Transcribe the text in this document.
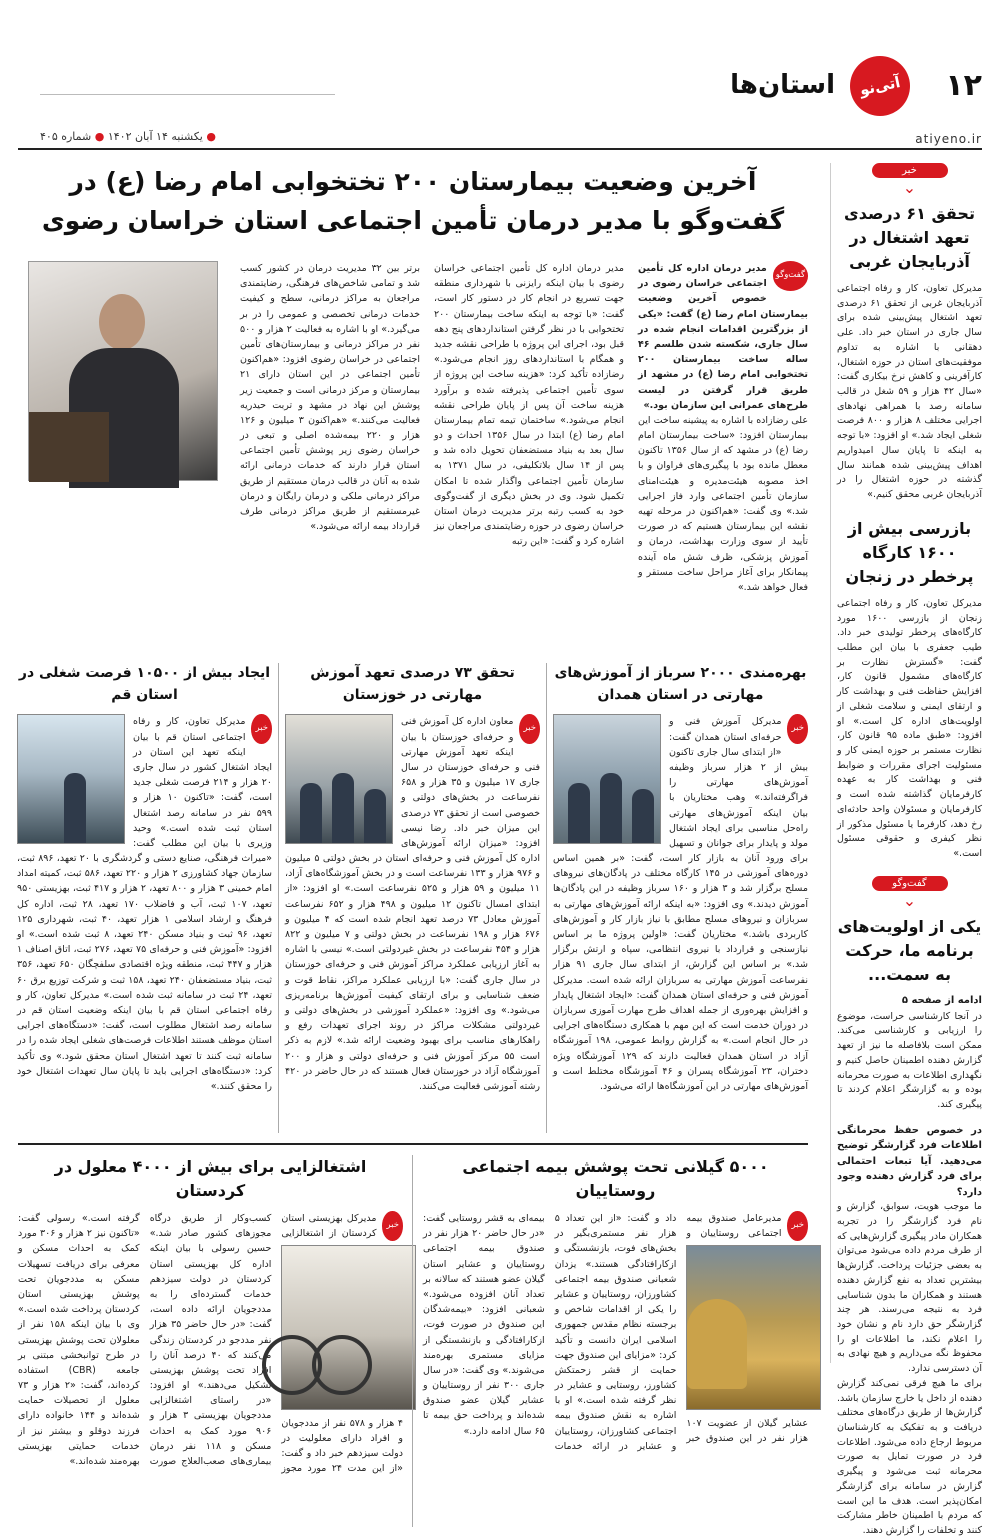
۱۲
آتی‌نو
استان‌ها
atiyeno.ir
● یکشنبه ۱۴ آبان ۱۴۰۲ ● شماره ۴۰۵
خبر
⌄
تحقق ۶۱ درصدی تعهد اشتغال در آذربایجان غربی

مدیرکل تعاون، کار و رفاه اجتماعی آذربایجان غربی از تحقق ۶۱ درصدی تعهد اشتغال پیش‌بینی شده برای سال جاری در استان خبر داد. علی دهقانی با اشاره به تداوم موفقیت‌های استان در حوزه اشتغال، کارآفرینی و کاهش نرخ بیکاری گفت: «سال ۴۲ هزار و ۵۹ شغل در قالب سامانه رصد با همراهی نهادهای اجرایی مختلف ۸ هزار و ۸۰۰ فرصت شغلی ایجاد شد.» او افزود: «با توجه به اینکه تا پایان سال امیدواریم اهداف پیش‌بینی شده همانند سال گذشته در حوزه اشتغال را در آذربایجان غربی محقق کنیم.»

بازرسی بیش از ۱۶۰۰ کارگاه پرخطر در زنجان

مدیرکل تعاون، کار و رفاه اجتماعی زنجان از بازرسی ۱۶۰۰ مورد کارگاه‌های پرخطر تولیدی خبر داد. طیب جعفری با بیان این مطلب گفت: «گسترش نظارت بر کارگاه‌های مشمول قانون کار، افزایش حفاظت فنی و بهداشت کار و ارتقای ایمنی و سلامت شغلی از اولویت‌های اداره کل است.» او افزود: «طبق ماده ۹۵ قانون کار، نظارت مستمر بر حوزه ایمنی کار و مسئولیت اجرای مقررات و ضوابط فنی و بهداشت کار به عهده کارفرمایان گذاشته شده است و کارفرمایان و مسئولان واحد حادثه‌ای رخ دهد، کارفرما یا مسئول مذکور از نظر کیفری و حقوقی مسئول است.»

گفت‌وگو
⌄
یکی از اولویت‌های برنامه ما، حرکت به سمت...
ادامه از صفحه ۵

در آنجا کارشناسی حراست، موضوع را ارزیابی و کارشناسی می‌کند. ممکن است بلافاصله ما نیز از تعهد گزارش دهنده اطمینان حاصل کنیم و نگهداری اطلاعات به صورت محرمانه بوده و به گزارشگر اعلام کردند تا پیگیری کند.

در خصوص حفظ محرمانگی اطلاعات فرد گزارشگر توضیح می‌دهید. آیا تبعات احتمالی برای فرد گزارش دهنده وجود دارد؟

ما موجب هویت، سوابق، گزارش و نام فرد گزارشگر را در تجربه همکاران مادر پیگیری گزارش‌هایی که از طرف مردم داده می‌شود می‌توان به بعضی جزئیات پرداخت. گزارش‌ها بیشترین تعداد به نفع گزارش دهنده هستند و همکاران ما بدون شناسایی فرد به نتیجه می‌رسند. هر چند گزارشگر حق دارد نام و نشان خود را اعلام نکند، ما اطلاعات او را محفوظ نگه می‌داریم و هیچ نهادی به آن دسترسی ندارد.

برای ما هیچ فرقی نمی‌کند گزارش دهنده از داخل یا خارج سازمان باشد. گزارش‌ها از طریق درگاه‌های مختلف دریافت و به تفکیک به کارشناسان مربوط ارجاع داده می‌شود. اطلاعات فرد در صورت تمایل به صورت محرمانه ثبت می‌شود و پیگیری گزارش در سامانه برای گزارشگر امکان‌پذیر است. هدف ما این است که مردم با اطمینان خاطر مشارکت کنند و تخلفات را گزارش دهند.

آخرین وضعیت بیمارستان ۲۰۰ تختخوابی امام رضا (ع) در گفت‌وگو با مدیر درمان تأمین اجتماعی استان خراسان رضوی
گفت‌وگو

مدیر درمان اداره کل تأمین اجتماعی خراسان رضوی در خصوص آخرین وضعیت بیمارستان امام رضا (ع) گفت: «یکی از بزرگترین اقدامات انجام شده در سال جاری، شکسته شدن طلسم ۴۶ ساله ساخت بیمارستان ۲۰۰ تختخوابی امام رضا (ع) در مشهد از طریق قرار گرفتن در لیست طرح‌های عمرانی این سازمان بود.»

علی رضازاده با اشاره به پیشینه ساخت این بیمارستان افزود: «ساخت بیمارستان امام رضا (ع) در مشهد که از سال ۱۳۵۶ تاکنون معطل مانده بود با پیگیری‌های فراوان و با اخذ مصوبه هیئت‌مدیره و هیئت‌امنای سازمان تأمین اجتماعی وارد فاز اجرایی شد.» وی گفت: «هم‌اکنون در مرحله تهیه نقشه این بیمارستان هستیم که در صورت تأیید از سوی وزارت بهداشت، درمان و آموزش پزشکی، ظرف شش ماه آینده پیمانکار برای آغاز مراحل ساخت مستقر و فعال خواهد شد.»

مدیر درمان اداره کل تأمین اجتماعی خراسان رضوی با بیان اینکه رایزنی با شهرداری منطقه جهت تسریع در انجام کار در دستور کار است، گفت: «با توجه به اینکه ساخت بیمارستان ۲۰۰ تختخوابی با در نظر گرفتن استانداردهای پنج دهه قبل بود، اجرای این پروژه با طراحی نقشه جدید و همگام با استانداردهای روز انجام می‌شود.» رضازاده تأکید کرد: «هزینه ساخت این پروژه از سوی تأمین اجتماعی پذیرفته شده و برآورد هزینه ساخت آن پس از پایان طراحی نقشه انجام می‌شود.» ساختمان تیمه تمام بیمارستان امام رضا (ع) ابتدا در سال ۱۳۵۶ احداث و دو سال بعد به بنیاد مستضعفان تحویل داده شد و پس از ۱۴ سال بلاتکلیفی، در سال ۱۳۷۱ به سازمان تأمین اجتماعی واگذار شده تا امکان تکمیل شود. وی در بخش دیگری از گفت‌وگوی خود به کسب رتبه برتر مدیریت درمان استان خراسان رضوی در حوزه رضایتمندی مراجعان نیز اشاره کرد و گفت: «این رتبه

برتر بین ۳۲ مدیریت درمان در کشور کسب شد و تمامی شاخص‌های فرهنگی، رضایتمندی مراجعان به مراکز درمانی، سطح و کیفیت خدمات درمانی تخصصی و عمومی را در بر می‌گیرد.» او با اشاره به فعالیت ۲ هزار و ۵۰۰ نفر در مراکز درمانی و بیمارستان‌های تأمین اجتماعی در خراسان رضوی افزود: «هم‌اکنون تأمین اجتماعی در این استان دارای ۲۱ بیمارستان و مرکز درمانی است و جمعیت زیر پوشش این نهاد در مشهد و تربت حیدریه فعالیت می‌کنند.» «هم‌اکنون ۳ میلیون و ۱۲۶ هزار و ۲۲۰ بیمه‌شده اصلی و تبعی در خراسان رضوی زیر پوشش تأمین اجتماعی استان قرار دارند که خدمات درمانی ارائه شده به آنان در قالب درمان مستقیم از طریق مراکز درمانی ملکی و درمان رایگان و درمان غیرمستقیم از طریق مراکز درمانی طرف قرارداد بیمه ارائه می‌شود.»

بهره‌مندی ۲۰۰۰ سرباز از آموزش‌های مهارتی در استان همدان
خبر
مدیرکل آموزش فنی و حرفه‌ای استان همدان گفت: «از ابتدای سال جاری تاکنون بیش از ۲ هزار سرباز وظیفه آموزش‌های مهارتی را فراگرفته‌اند.» وهب مختاریان با بیان اینکه آموزش‌های مهارتی راه‌حل مناسبی برای ایجاد اشتغال مولد و پایدار برای جوانان و تسهیل برای ورود آنان به بازار کار است، گفت: «بر همین اساس دوره‌های آموزشی در ۱۴۵ کارگاه مختلف در پادگان‌های نیروهای مسلح برگزار شد و ۳ هزار و ۱۶۰ سرباز وظیفه در این پادگان‌ها آموزش دیدند.» وی افزود: «به اینکه ارائه آموزش‌های مهارتی به سربازان و نیروهای مسلح مطابق با نیاز بازار کار و آموزش‌های کاربردی باشد.» مختاریان گفت: «اولین پروژه ما بر اساس نیازسنجی و قرارداد با نیروی انتظامی، سپاه و ارتش برگزار شد.» بر اساس این گزارش، از ابتدای سال جاری ۹۱ هزار نفرساعت آموزش مهارتی به سربازان ارائه شده است. مدیرکل آموزش فنی و حرفه‌ای استان همدان گفت: «ایجاد اشتغال پایدار و افزایش بهره‌وری از جمله اهداف طرح مهارت آموزی سربازان در دوران خدمت است که این مهم با همکاری دستگاه‌های اجرایی در حال انجام است.» به گزارش روابط عمومی، ۱۹۸ آموزشگاه آزاد در استان همدان فعالیت دارند که ۱۲۹ آموزشگاه ویژه دختران، ۲۳ آموزشگاه پسران و ۴۶ آموزشگاه مختلط است و آموزش‌های مهارتی در این آموزشگاه‌ها ارائه می‌شود.
تحقق ۷۳ درصدی تعهد آموزش مهارتی در خوزستان
خبر
معاون اداره کل آموزش فنی و حرفه‌ای خوزستان با بیان اینکه تعهد آموزش مهارتی فنی و حرفه‌ای خوزستان در سال جاری ۱۷ میلیون و ۳۵ هزار و ۶۵۸ نفرساعت در بخش‌های دولتی و خصوصی است از تحقق ۷۳ درصدی این میزان خبر داد. رضا نیسی افزود: «میزان ارائه آموزش‌های اداره کل آموزش فنی و حرفه‌ای استان در بخش دولتی ۵ میلیون و ۹۷۶ هزار و ۱۳۳ نفرساعت است و در بخش آموزشگاه‌های آزاد، ۱۱ میلیون و ۵۹ هزار و ۵۲۵ نفرساعت است.» او افزود: «از ابتدای امسال تاکنون ۱۲ میلیون و ۴۹۸ هزار و ۶۵۲ نفرساعت آموزش معادل ۷۳ درصد تعهد انجام شده است که ۴ میلیون و ۶۷۶ هزار و ۱۹۸ نفرساعت در بخش دولتی و ۷ میلیون و ۸۲۲ هزار و ۴۵۴ نفرساعت در بخش غیردولتی است.» نیسی با اشاره به آغاز ارزیابی عملکرد مراکز آموزش فنی و حرفه‌ای خوزستان در سال جاری گفت: «با ارزیابی عملکرد مراکز، نقاط قوت و ضعف شناسایی و برای ارتقای کیفیت آموزش‌ها برنامه‌ریزی می‌شود.» وی افزود: «عملکرد آموزشی در بخش‌های دولتی و غیردولتی مشکلات مراکز در روند اجرای تعهدات رفع و راهکارهای مناسب برای بهبود وضعیت ارائه شد.» لازم به ذکر است ۵۵ مرکز آموزش فنی و حرفه‌ای دولتی و هزار و ۲۰۰ آموزشگاه آزاد در خوزستان فعال هستند که در حال حاضر در ۴۲۰ رشته آموزشی فعالیت می‌کنند.
ایجاد بیش از ۱۰۵۰۰ فرصت شغلی در استان قم
خبر
مدیرکل تعاون، کار و رفاه اجتماعی استان قم با بیان اینکه تعهد این استان در ایجاد اشتغال کشور در سال جاری ۲۰ هزار و ۲۱۴ فرصت شغلی جدید است، گفت: «تاکنون ۱۰ هزار و ۵۹۹ نفر در سامانه رصد اشتغال استان ثبت شده است.» وحید وزیری با بیان این مطلب گفت: «میراث فرهنگی، صنایع دستی و گردشگری با ۲۰ تعهد، ۸۹۶ ثبت، سازمان جهاد کشاورزی ۲ هزار و ۲۲۰ تعهد، ۵۸۶ ثبت، کمیته امداد امام خمینی ۳ هزار و ۸۰۰ تعهد، ۲ هزار و ۴۱۷ ثبت، بهزیستی ۹۵۰ تعهد، ۱۰۷ ثبت، آب و فاضلاب ۱۷۰ تعهد، ۲۸ ثبت، اداره کل فرهنگ و ارشاد اسلامی ۱ هزار تعهد، ۴۰ ثبت، شهرداری ۱۲۵ تعهد، ۹۶ ثبت و بنیاد مسکن ۲۴۰ تعهد، ۸ ثبت شده است.» او افزود: «آموزش فنی و حرفه‌ای ۷۵ تعهد، ۲۷۶ ثبت، اتاق اصناف ۱ هزار و ۴۴۷ ثبت، منطقه ویژه اقتصادی سلفچگان ۶۵۰ تعهد، ۳۵۶ ثبت، بنیاد مستضعفان ۲۴۰ تعهد، ۱۵۸ ثبت و شرکت توزیع برق ۶۰ تعهد، ۲۴ ثبت در سامانه ثبت شده است.» مدیرکل تعاون، کار و رفاه اجتماعی استان قم با بیان اینکه وضعیت استان قم در سامانه رصد اشتغال مطلوب است، گفت: «دستگاه‌های اجرایی استان موظف هستند اطلاعات فرصت‌های شغلی ایجاد شده را در سامانه ثبت کنند تا تعهد اشتغال استان محقق شود.» وی تأکید کرد: «دستگاه‌های اجرایی باید تا پایان سال تعهدات اشتغال خود را محقق کنند.»
۵۰۰۰ گیلانی تحت پوشش بیمه اجتماعی روستاییان
خبر
مدیرعامل صندوق بیمه اجتماعی روستاییان و عشایر گیلان از عضویت ۱۰۷ هزار نفر در این صندوق خبر داد و گفت: «از این تعداد ۵ هزار نفر مستمری‌بگیر در بخش‌های فوت، بازنشستگی و ازکارافتادگی هستند.» یزدان شعبانی صندوق بیمه اجتماعی کشاورزان، روستاییان و عشایر را یکی از اقدامات شاخص و برجسته نظام مقدس جمهوری اسلامی ایران دانست و تأکید کرد: «مزایای این صندوق جهت حمایت از قشر زحمتکش کشاورز، روستایی و عشایر در نظر گرفته شده است.» او با اشاره به نقش صندوق بیمه اجتماعی کشاورزان، روستاییان و عشایر در ارائه خدمات بیمه‌ای به قشر روستایی گفت: «در حال حاضر ۲۰ هزار نفر در صندوق بیمه اجتماعی روستاییان و عشایر استان گیلان عضو هستند که سالانه بر تعداد آنان افزوده می‌شود.» شعبانی افزود: «بیمه‌شدگان این صندوق در صورت فوت، ازکارافتادگی و بازنشستگی از مزایای مستمری بهره‌مند می‌شوند.» وی گفت: «در سال جاری ۳۰۰ نفر از روستاییان و عشایر گیلان عضو صندوق شده‌اند و پرداخت حق بیمه تا ۶۵ سال ادامه دارد.»
اشتغالزایی برای بیش از ۴۰۰۰ معلول در کردستان
خبر
مدیرکل بهزیستی استان کردستان از اشتغالزایی ۴ هزار و ۵۷۸ نفر از مددجویان و افراد دارای معلولیت در دولت سیزدهم خبر داد و گفت: «از این مدت ۲۴ مورد مجوز کسب‌وکار از طریق درگاه مجوزهای کشور صادر شد.» حسین رسولی با بیان اینکه اداره کل بهزیستی استان کردستان در دولت سیزدهم خدمات گسترده‌ای را به مددجویان ارائه داده است، گفت: «در حال حاضر ۳۵ هزار نفر مددجو در کردستان زندگی می‌کنند که ۴۰ درصد آنان را افراد تحت پوشش بهزیستی تشکیل می‌دهند.» او افزود: «در راستای اشتغالزایی مددجویان بهزیستی ۳ هزار و ۹۰۶ مورد کمک به احداث مسکن و ۱۱۸ نفر درمان بیماری‌های صعب‌العلاج صورت گرفته است.» رسولی گفت: «تاکنون نیز ۲ هزار و ۳۰۶ مورد کمک به احداث مسکن و معرفی برای دریافت تسهیلات مسکن به مددجویان تحت پوشش بهزیستی استان کردستان پرداخت شده است.» وی با بیان اینکه ۱۵۸ نفر از معلولان تحت پوشش بهزیستی در طرح توانبخشی مبتنی بر جامعه (CBR) استفاده کرده‌اند، گفت: «۲ هزار و ۷۳ معلول از تحصیلات حمایت شده‌اند و ۱۴۴ خانواده دارای فرزند دوقلو و بیشتر نیز از خدمات حمایتی بهزیستی بهره‌مند شده‌اند.»
